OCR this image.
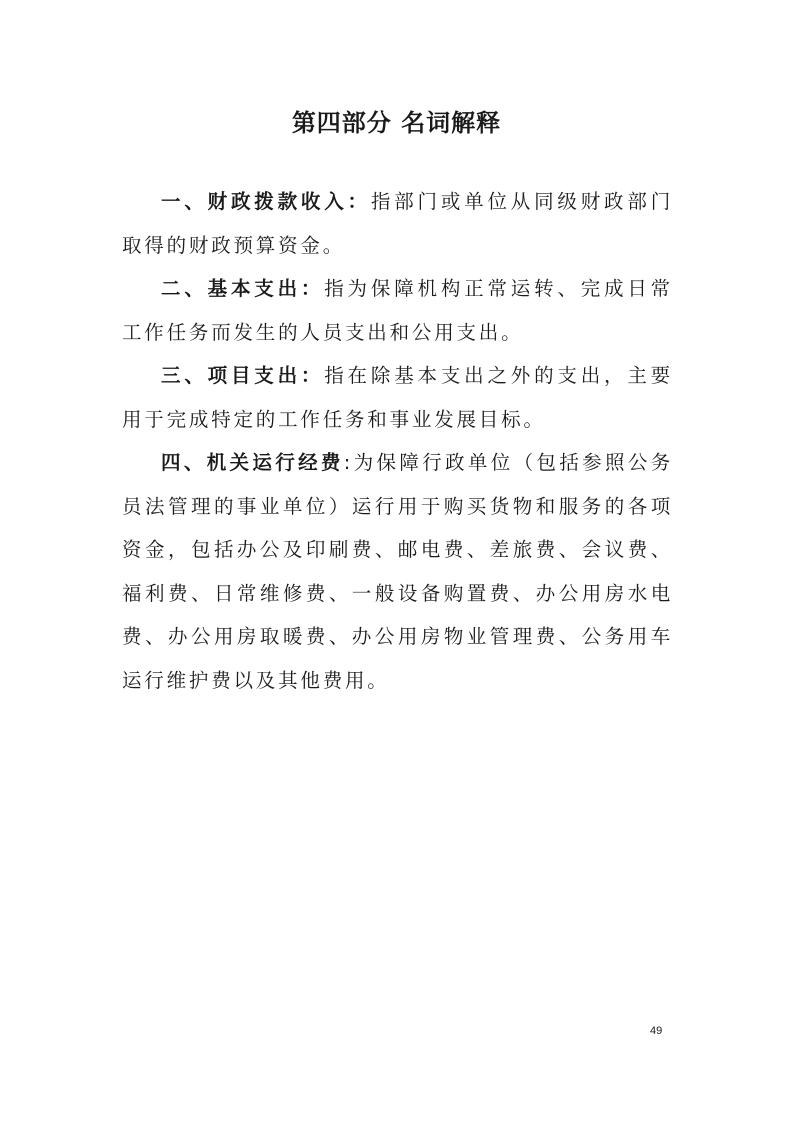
第四部分 名词解释

一、财政拨款收入：指部门或单位从同级财政部门取得的财政预算资金。

二、基本支出：指为保障机构正常运转、完成日常工作任务而发生的人员支出和公用支出。

三、项目支出：指在除基本支出之外的支出，主要用于完成特定的工作任务和事业发展目标。

四、机关运行经费:为保障行政单位（包括参照公务员法管理的事业单位）运行用于购买货物和服务的各项资金，包括办公及印刷费、邮电费、差旅费、会议费、福利费、日常维修费、一般设备购置费、办公用房水电费、办公用房取暖费、办公用房物业管理费、公务用车运行维护费以及其他费用。

49
